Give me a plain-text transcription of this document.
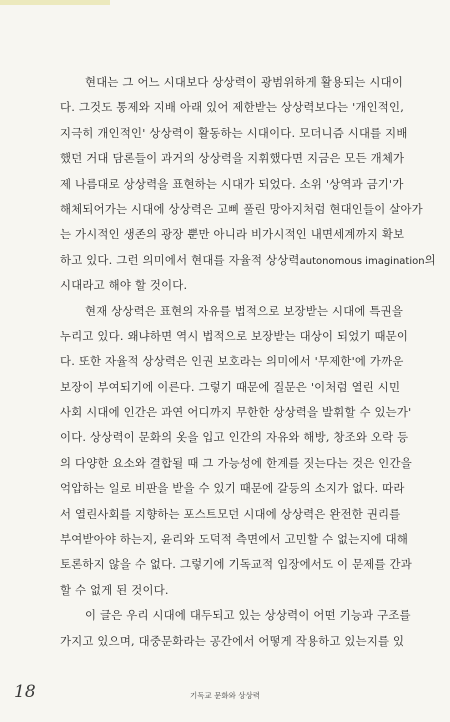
현대는 그 어느 시대보다 상상력이 광범위하게 활용되는 시대이
다. 그것도 통제와 지배 아래 있어 제한받는 상상력보다는 '개인적인,
지극히 개인적인' 상상력이 활동하는 시대이다. 모더니즘 시대를 지배
했던 거대 담론들이 과거의 상상력을 지휘했다면 지금은 모든 개체가
제 나름대로 상상력을 표현하는 시대가 되었다. 소위 '상역과 금기'가
해체되어가는 시대에 상상력은 고삐 풀린 망아지처럼 현대인들이 살아가
는 가시적인 생존의 광장 뿐만 아니라 비가시적인 내면세계까지 확보
하고 있다. 그런 의미에서 현대를 자율적 상상력autonomous imagination의
시대라고 해야 할 것이다.
현재 상상력은 표현의 자유를 법적으로 보장받는 시대에 특권을
누리고 있다. 왜냐하면 역시 법적으로 보장받는 대상이 되었기 때문이
다. 또한 자율적 상상력은 인권 보호라는 의미에서 '무제한'에 가까운
보장이 부여되기에 이른다. 그렇기 때문에 질문은 '이처럼 열린 시민
사회 시대에 인간은 과연 어디까지 무한한 상상력을 발휘할 수 있는가'
이다. 상상력이 문화의 옷을 입고 인간의 자유와 해방, 창조와 오락 등
의 다양한 요소와 결합될 때 그 가능성에 한계를 짓는다는 것은 인간을
억압하는 일로 비판을 받을 수 있기 때문에 갈등의 소지가 없다. 따라
서 열린사회를 지향하는 포스트모던 시대에 상상력은 완전한 권리를
부여받아야 하는지, 윤리와 도덕적 측면에서 고민할 수 없는지에 대해
토론하지 않을 수 없다. 그렇기에 기독교적 입장에서도 이 문제를 간과
할 수 없게 된 것이다.
이 글은 우리 시대에 대두되고 있는 상상력이 어떤 기능과 구조를
가지고 있으며, 대중문화라는 공간에서 어떻게 작용하고 있는지를 있
18	기독교 문화와 상상력
